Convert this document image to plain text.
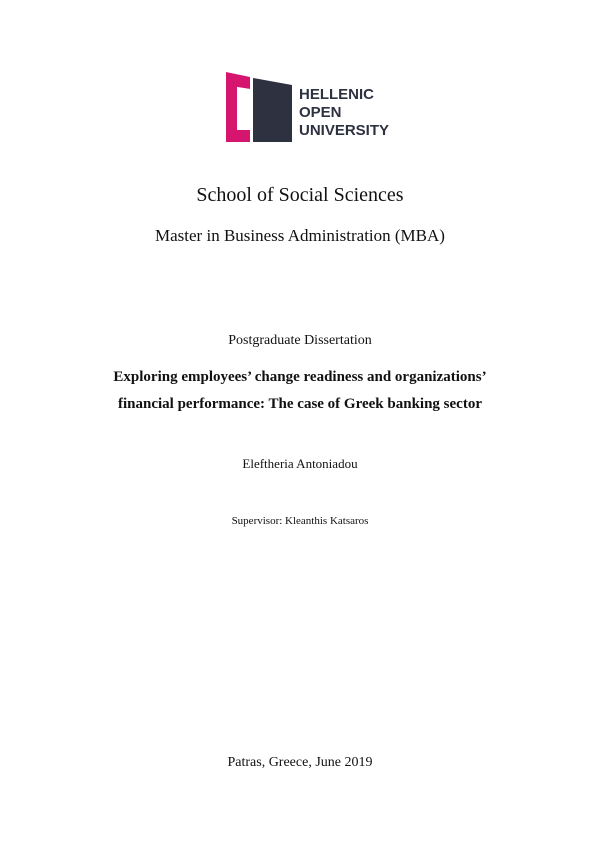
HELLENIC
OPEN
UNIVERSITY
School of Social Sciences
Master in Business Administration (MBA)
Postgraduate Dissertation
Exploring employees’ change readiness and organizations’
financial performance: The case of Greek banking sector
Eleftheria Antoniadou
Supervisor: Kleanthis Katsaros
Patras, Greece, June 2019
